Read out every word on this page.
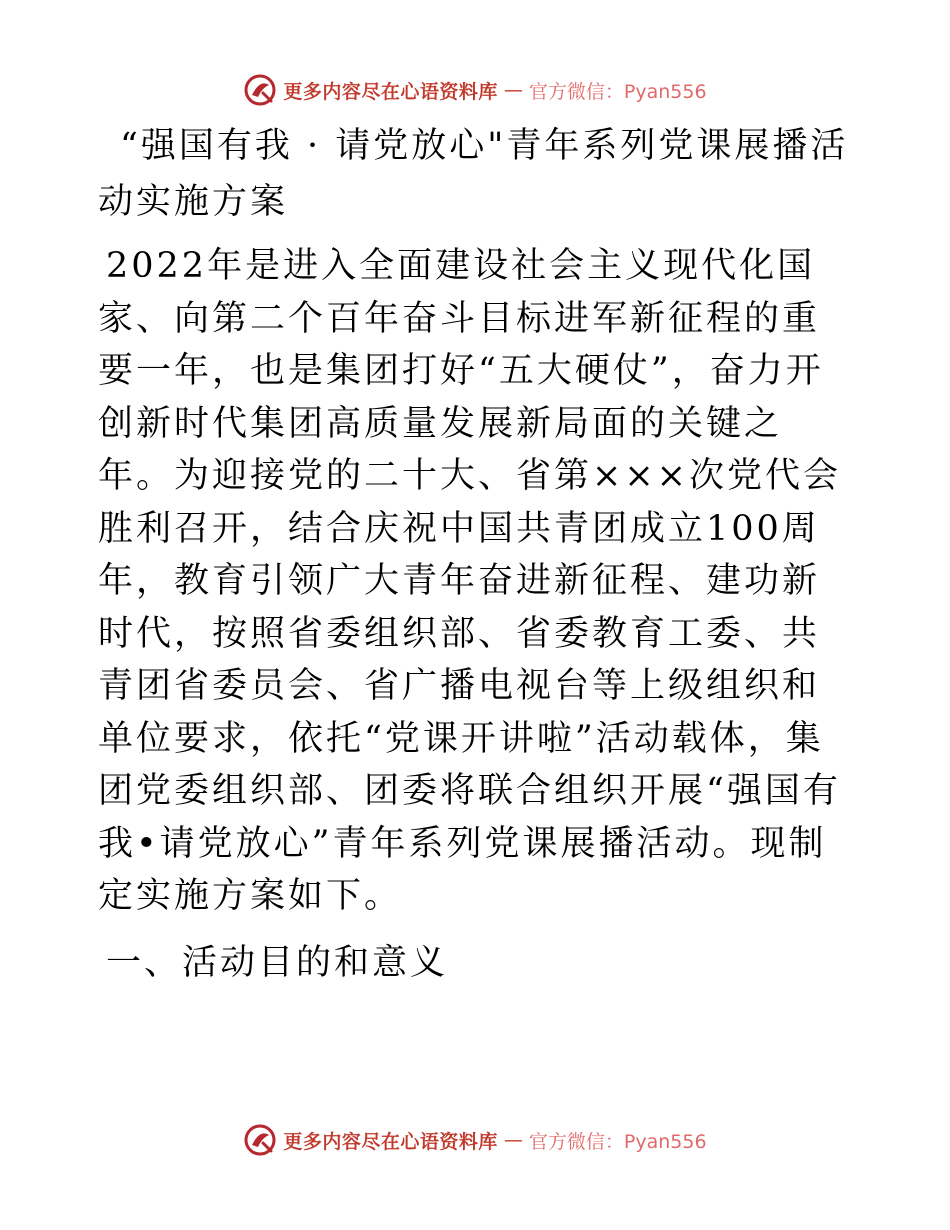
更多内容尽在心语资料库 — 官方微信：Pyan556
“强国有我 · 请党放心"青年系列党课展播活动实施方案

2022年是进入全面建设社会主义现代化国家、向第二个百年奋斗目标进军新征程的重要一年，也是集团打好“五大硬仗”，奋力开创新时代集团高质量发展新局面的关键之年。为迎接党的二十大、省第×××次党代会胜利召开，结合庆祝中国共青团成立100周年，教育引领广大青年奋进新征程、建功新时代，按照省委组织部、省委教育工委、共青团省委员会、省广播电视台等上级组织和单位要求，依托“党课开讲啦”活动载体，集团党委组织部、团委将联合组织开展“强国有我•请党放心”青年系列党课展播活动。现制定实施方案如下。

一、活动目的和意义
更多内容尽在心语资料库 — 官方微信：Pyan556
